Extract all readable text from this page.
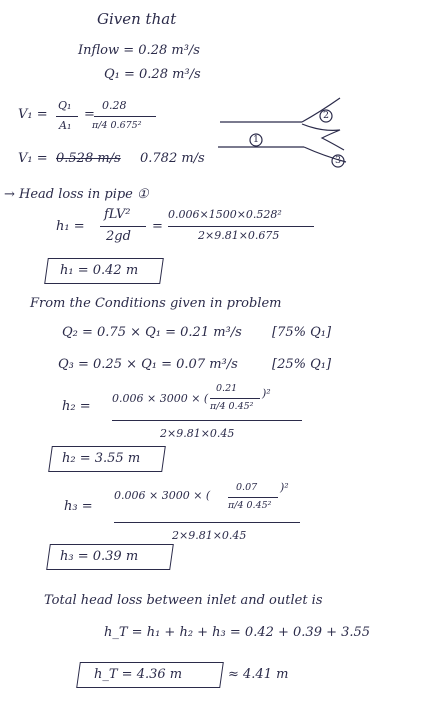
Given that
Inflow = 0.28 m³/s
Q₁ = 0.28 m³/s
V₁ =
Q₁
A₁
=
0.28
π/4 0.675²
V₁ = 0.528 m/s 0.782 m/s
1
2
3
→ Head loss in pipe ①
h₁ =
fLV²
2gd
=
0.006×1500×0.528²
2×9.81×0.675
h₁ = 0.42 m
From the Conditions given in problem
Q₂ = 0.75 × Q₁ = 0.21 m³/s [75% Q₁]
Q₃ = 0.25 × Q₁ = 0.07 m³/s	[25% Q₁]
h₂ =
0.006 × 3000 × (
0.21
π/4 0.45²
)²
2×9.81×0.45
h₂ = 3.55 m
h₃ =
0.006 × 3000 × (
0.07
π/4 0.45²
)²
2×9.81×0.45
h₃ = 0.39 m
Total head loss between inlet and outlet is
h_T = h₁ + h₂ + h₃ = 0.42 + 0.39 + 3.55
h_T = 4.36 m	≈ 4.41 m
